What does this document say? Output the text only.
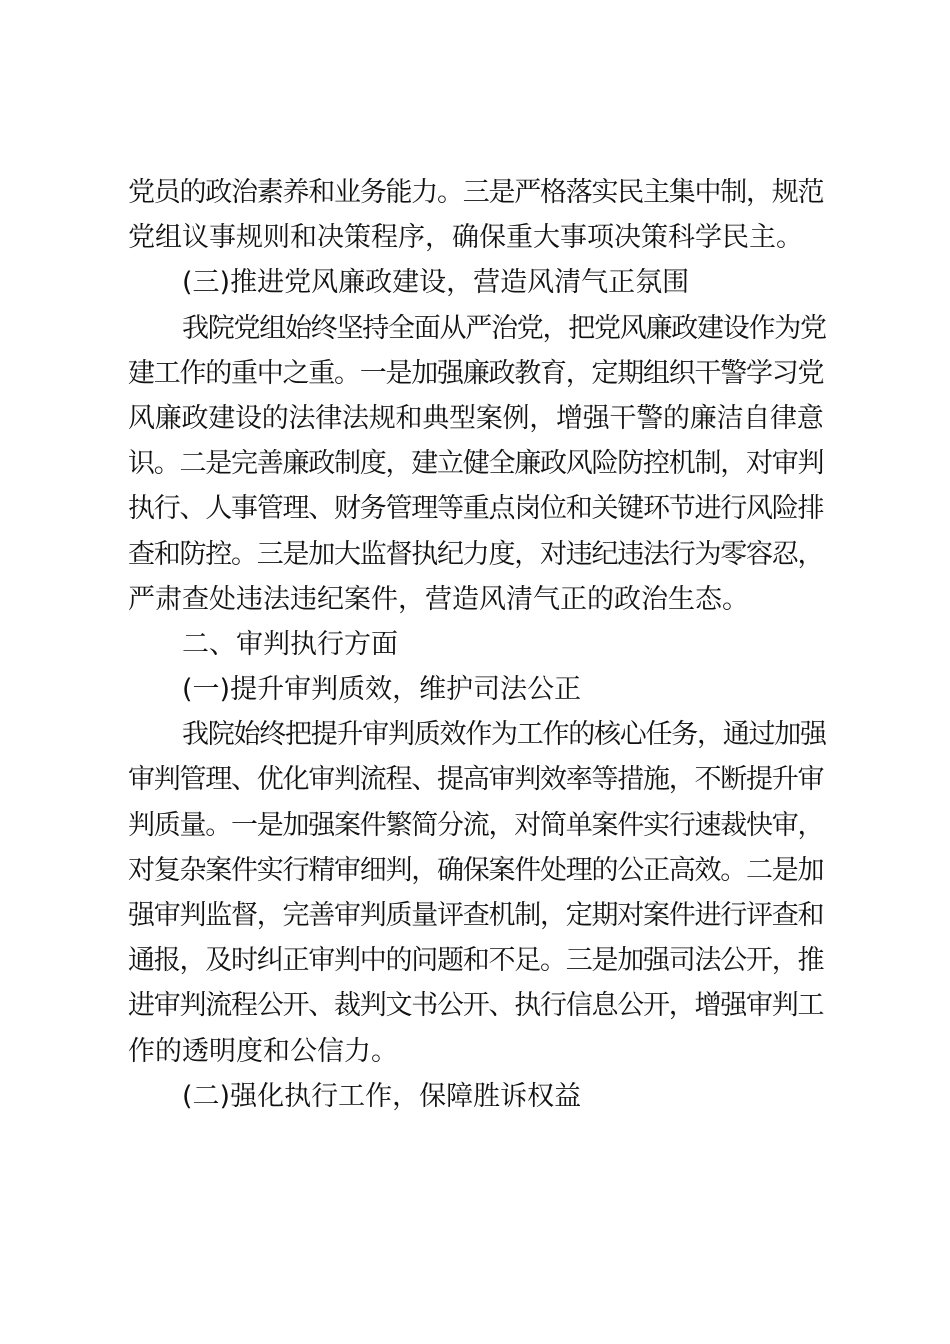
党员的政治素养和业务能力。三是严格落实民主集中制，规范
党组议事规则和决策程序，确保重大事项决策科学民主。
(三)推进党风廉政建设，营造风清气正氛围
我院党组始终坚持全面从严治党，把党风廉政建设作为党
建工作的重中之重。一是加强廉政教育，定期组织干警学习党
风廉政建设的法律法规和典型案例，增强干警的廉洁自律意
识。二是完善廉政制度，建立健全廉政风险防控机制，对审判
执行、人事管理、财务管理等重点岗位和关键环节进行风险排
查和防控。三是加大监督执纪力度，对违纪违法行为零容忍，
严肃查处违法违纪案件，营造风清气正的政治生态。
二、审判执行方面
(一)提升审判质效，维护司法公正
我院始终把提升审判质效作为工作的核心任务，通过加强
审判管理、优化审判流程、提高审判效率等措施，不断提升审
判质量。一是加强案件繁简分流，对简单案件实行速裁快审，
对复杂案件实行精审细判，确保案件处理的公正高效。二是加
强审判监督，完善审判质量评查机制，定期对案件进行评查和
通报，及时纠正审判中的问题和不足。三是加强司法公开，推
进审判流程公开、裁判文书公开、执行信息公开，增强审判工
作的透明度和公信力。
(二)强化执行工作，保障胜诉权益
